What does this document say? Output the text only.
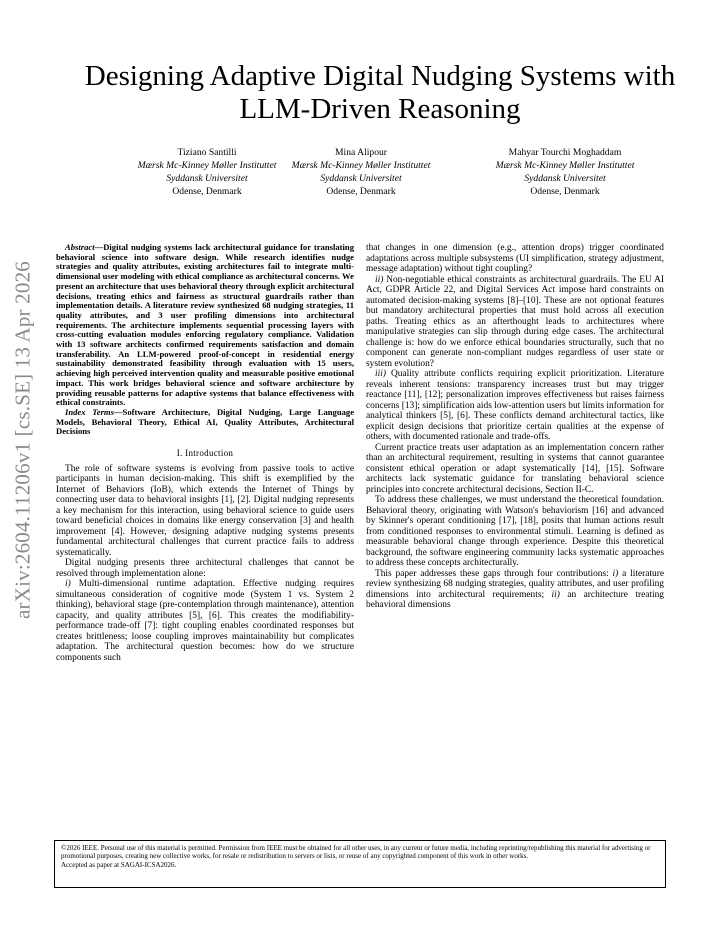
arXiv:2604.11206v1 [cs.SE] 13 Apr 2026
Designing Adaptive Digital Nudging Systems with
LLM-Driven Reasoning
Tiziano Santilli
Mærsk Mc-Kinney Møller Instituttet
Syddansk Universitet
Odense, Denmark
Mina Alipour
Mærsk Mc-Kinney Møller Instituttet
Syddansk Universitet
Odense, Denmark
Mahyar Tourchi Moghaddam
Mærsk Mc-Kinney Møller Instituttet
Syddansk Universitet
Odense, Denmark

Abstract—Digital nudging systems lack architectural guidance for translating behavioral science into software design. While research identifies nudge strategies and quality attributes, existing architectures fail to integrate multi-dimensional user modeling with ethical compliance as architectural concerns. We present an architecture that uses behavioral theory through explicit architectural decisions, treating ethics and fairness as structural guardrails rather than implementation details. A literature review synthesized 68 nudging strategies, 11 quality attributes, and 3 user profiling dimensions into architectural requirements. The architecture implements sequential processing layers with cross-cutting evaluation modules enforcing regulatory compliance. Validation with 13 software architects confirmed requirements satisfaction and domain transferability. An LLM-powered proof-of-concept in residential energy sustainability demonstrated feasibility through evaluation with 15 users, achieving high perceived intervention quality and measurable positive emotional impact. This work bridges behavioral science and software architecture by providing reusable patterns for adaptive systems that balance effectiveness with ethical constraints.

Index Terms—Software Architecture, Digital Nudging, Large Language Models, Behavioral Theory, Ethical AI, Quality Attributes, Architectural Decisions

I. Introduction

The role of software systems is evolving from passive tools to active participants in human decision-making. This shift is exemplified by the Internet of Behaviors (IoB), which extends the Internet of Things by connecting user data to behavioral insights [1], [2]. Digital nudging represents a key mechanism for this interaction, using behavioral science to guide users toward beneficial choices in domains like energy conservation [3] and health improvement [4]. However, designing adaptive nudging systems presents fundamental architectural challenges that current practice fails to address systematically.

Digital nudging presents three architectural challenges that cannot be resolved through implementation alone:

i) Multi-dimensional runtime adaptation. Effective nudging requires simultaneous consideration of cognitive mode (System 1 vs. System 2 thinking), behavioral stage (pre-contemplation through maintenance), attention capacity, and quality attributes [5], [6]. This creates the modifiability-performance trade-off [7]: tight coupling enables coordinated responses but creates brittleness; loose coupling improves maintainability but complicates adaptation. The architectural question becomes: how do we structure components such

that changes in one dimension (e.g., attention drops) trigger coordinated adaptations across multiple subsystems (UI simplification, strategy adjustment, message adaptation) without tight coupling?

ii) Non-negotiable ethical constraints as architectural guardrails. The EU AI Act, GDPR Article 22, and Digital Services Act impose hard constraints on automated decision-making systems [8]–[10]. These are not optional features but mandatory architectural properties that must hold across all execution paths. Treating ethics as an afterthought leads to architectures where manipulative strategies can slip through during edge cases. The architectural challenge is: how do we enforce ethical boundaries structurally, such that no component can generate non-compliant nudges regardless of user state or system evolution?

iii) Quality attribute conflicts requiring explicit prioritization. Literature reveals inherent tensions: transparency increases trust but may trigger reactance [11], [12]; personalization improves effectiveness but raises fairness concerns [13]; simplification aids low-attention users but limits information for analytical thinkers [5], [6]. These conflicts demand architectural tactics, like explicit design decisions that prioritize certain qualities at the expense of others, with documented rationale and trade-offs.

Current practice treats user adaptation as an implementation concern rather than an architectural requirement, resulting in systems that cannot guarantee consistent ethical operation or adapt systematically [14], [15]. Software architects lack systematic guidance for translating behavioral science principles into concrete architectural decisions, Section II-C.

To address these challenges, we must understand the theoretical foundation. Behavioral theory, originating with Watson's behaviorism [16] and advanced by Skinner's operant conditioning [17], [18], posits that human actions result from conditioned responses to environmental stimuli. Learning is defined as measurable behavioral change through experience. Despite this theoretical background, the software engineering community lacks systematic approaches to address these concepts architecturally.

This paper addresses these gaps through four contributions: i) a literature review synthesizing 68 nudging strategies, quality attributes, and user profiling dimensions into architectural requirements; ii) an architecture treating behavioral dimensions

©2026 IEEE. Personal use of this material is permitted. Permission from IEEE must be obtained for all other uses, in any current or future media, including reprinting/republishing this material for advertising or promotional purposes, creating new collective works, for resale or redistribution to servers or lists, or reuse of any copyrighted component of this work in other works.
Accepted as paper at SAGAI-ICSA2026.
